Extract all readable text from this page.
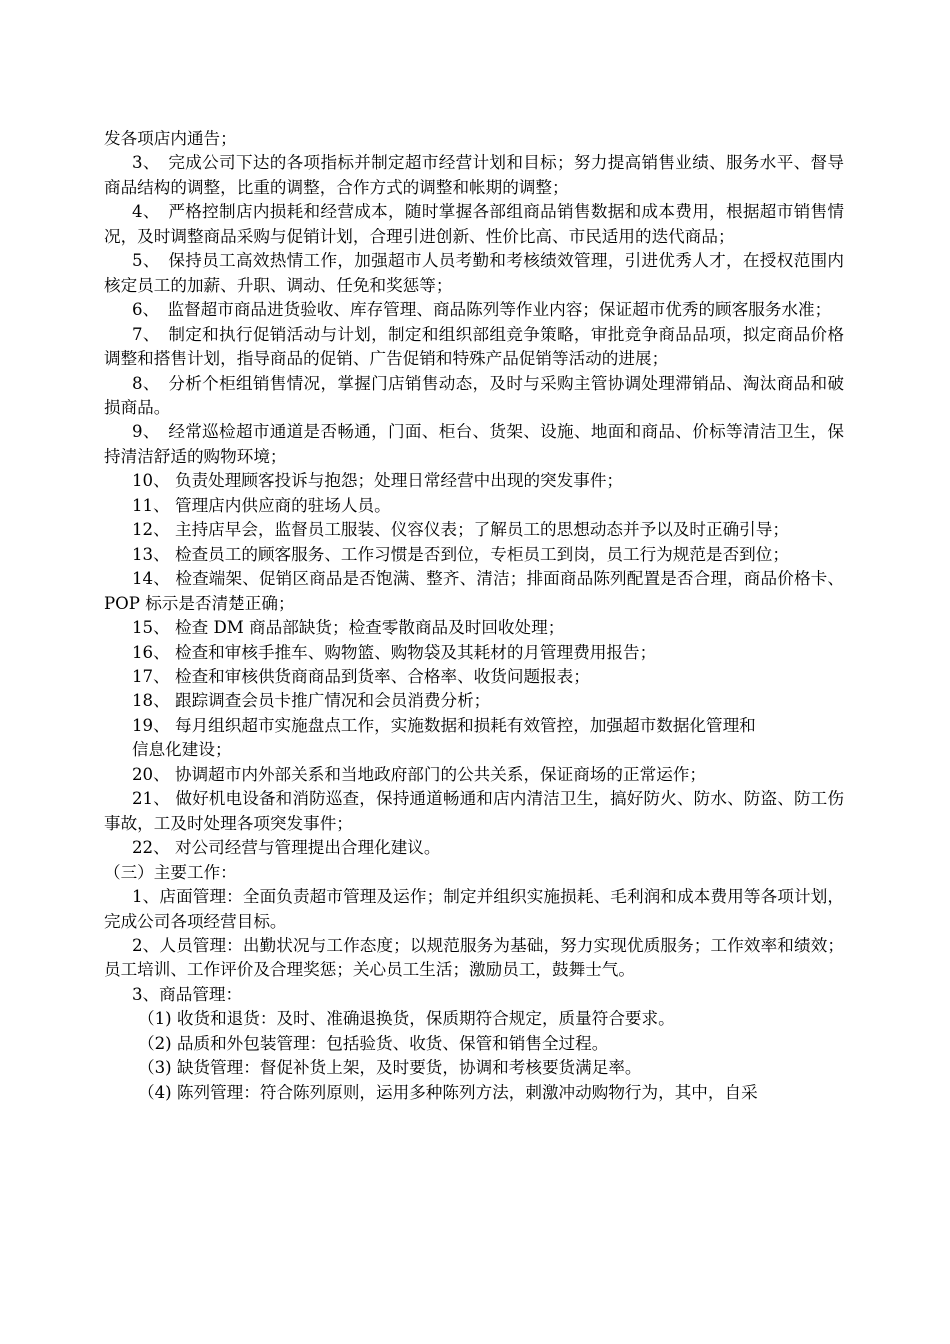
发各项店内通告；

3、　完成公司下达的各项指标并制定超市经营计划和目标；努力提高销售业绩、服务水平、督导商品结构的调整，比重的调整，合作方式的调整和帐期的调整；

4、　严格控制店内损耗和经营成本，随时掌握各部组商品销售数据和成本费用，根据超市销售情况，及时调整商品采购与促销计划，合理引进创新、性价比高、市民适用的迭代商品；

5、　保持员工高效热情工作，加强超市人员考勤和考核绩效管理，引进优秀人才，在授权范围内核定员工的加薪、升职、调动、任免和奖惩等；

6、　监督超市商品进货验收、库存管理、商品陈列等作业内容；保证超市优秀的顾客服务水准；

7、　制定和执行促销活动与计划，制定和组织部组竞争策略，审批竞争商品品项，拟定商品价格调整和搭售计划，指导商品的促销、广告促销和特殊产品促销等活动的进展；

8、　分析个柜组销售情况，掌握门店销售动态，及时与采购主管协调处理滞销品、淘汰商品和破损商品。

9、　经常巡检超市通道是否畅通，门面、柜台、货架、设施、地面和商品、价标等清洁卫生，保持清洁舒适的购物环境；

10、 负责处理顾客投诉与抱怨；处理日常经营中出现的突发事件；

11、 管理店内供应商的驻场人员。

12、 主持店早会，监督员工服装、仪容仪表；了解员工的思想动态并予以及时正确引导；

13、 检查员工的顾客服务、工作习惯是否到位，专柜员工到岗，员工行为规范是否到位；

14、 检查端架、促销区商品是否饱满、整齐、清洁；排面商品陈列配置是否合理，商品价格卡、POP 标示是否清楚正确；

15、 检查 DM 商品部缺货；检查零散商品及时回收处理；

16、 检查和审核手推车、购物篮、购物袋及其耗材的月管理费用报告；

17、 检查和审核供货商商品到货率、合格率、收货问题报表；

18、 跟踪调查会员卡推广情况和会员消费分析；

19、 每月组织超市实施盘点工作，实施数据和损耗有效管控，加强超市数据化管理和

信息化建设；

20、 协调超市内外部关系和当地政府部门的公共关系，保证商场的正常运作；

21、 做好机电设备和消防巡查，保持通道畅通和店内清洁卫生，搞好防火、防水、防盗、防工伤事故，工及时处理各项突发事件；

22、 对公司经营与管理提出合理化建议。

（三）主要工作：

1、店面管理：全面负责超市管理及运作；制定并组织实施损耗、毛利润和成本费用等各项计划，完成公司各项经营目标。

2、人员管理：出勤状况与工作态度；以规范服务为基础，努力实现优质服务；工作效率和绩效；员工培训、工作评价及合理奖惩；关心员工生活；激励员工，鼓舞士气。

3、商品管理：

（1) 收货和退货：及时、准确退换货，保质期符合规定，质量符合要求。

（2) 品质和外包装管理：包括验货、收货、保管和销售全过程。

（3) 缺货管理：督促补货上架，及时要货，协调和考核要货满足率。

（4) 陈列管理：符合陈列原则，运用多种陈列方法，刺激冲动购物行为，其中，自采
